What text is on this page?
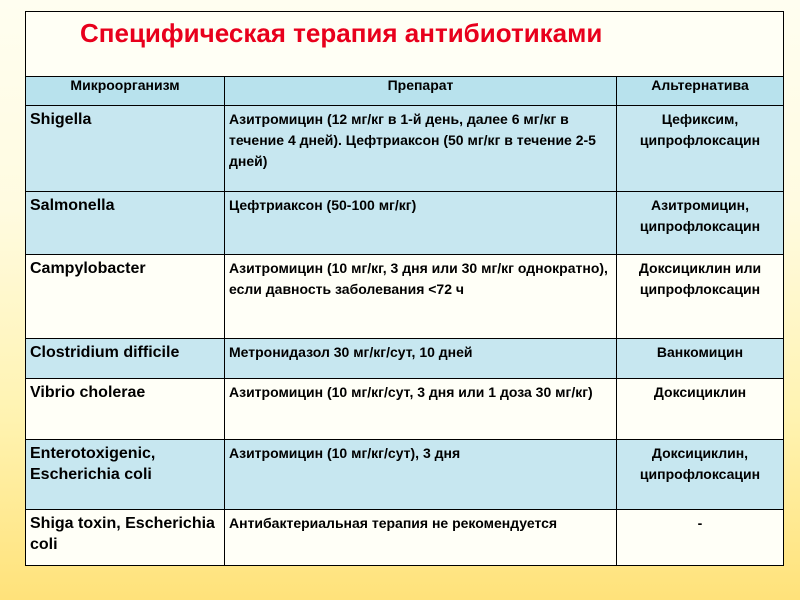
Специфическая терапия антибиотиками		
Микроорганизм	Препарат	Альтернатива
Shigella	Азитромицин (12 мг/кг в 1-й день, далее 6 мг/кг в течение 4 дней). Цефтриаксон (50 мг/кг в течение 2-5 дней)	Цефиксим, ципрофлоксацин
Salmonella	Цефтриаксон (50-100 мг/кг)	Азитромицин, ципрофлоксацин
Campylobacter	Азитромицин (10 мг/кг, 3 дня или 30 мг/кг однократно), если давность заболевания <72 ч	Доксициклин или ципрофлоксацин
Clostridium difficile	Метронидазол 30 мг/кг/сут, 10 дней	Ванкомицин
Vibrio cholerae	Азитромицин (10 мг/кг/сут, 3 дня или 1 доза 30 мг/кг)	Доксициклин
Enterotoxigenic, Escherichia coli	Азитромицин (10 мг/кг/сут), 3 дня	Доксициклин, ципрофлоксацин
Shiga toxin, Escherichia coli	Антибактериальная терапия не рекомендуется	-
